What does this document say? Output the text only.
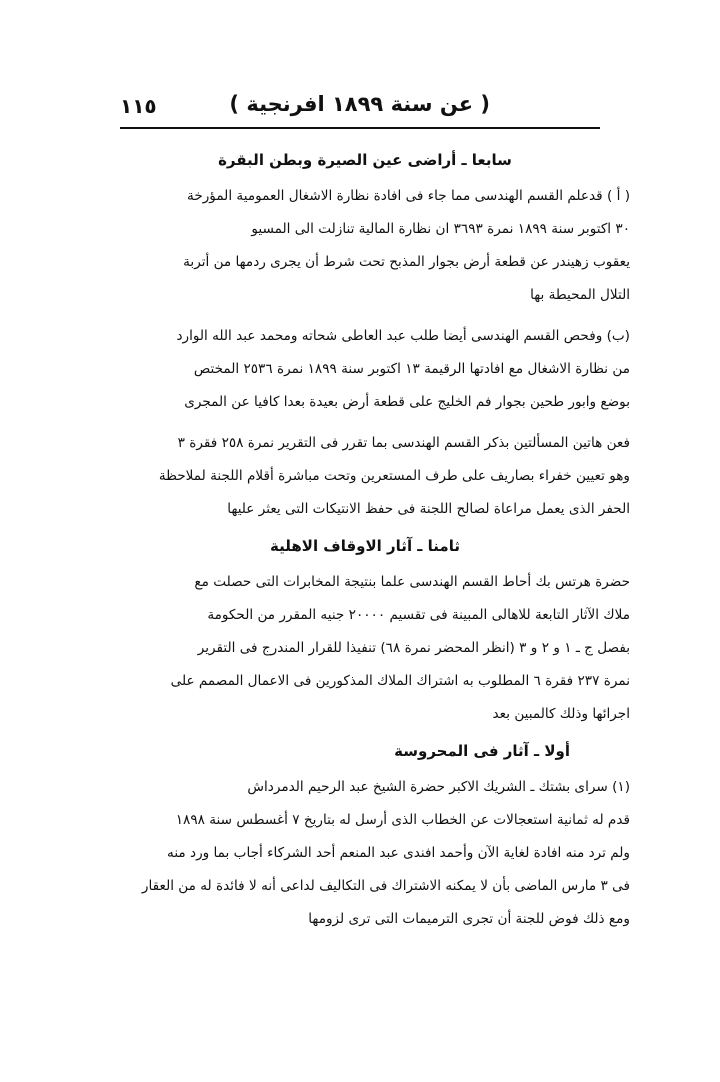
( عن سنة ١٨٩٩ افرنجية )
١١٥
سابعا ـ أراضى عين الصيرة وبطن البقرة
( أ ) قدعلم القسم الهندسى مما جاء فى افادة نظارة الاشغال العمومية المؤرخة
٣٠ اكتوبر سنة ١٨٩٩ نمرة ٣٦٩٣ ان نظارة المالية تنازلت الى المسيو
يعقوب زهيندر عن قطعة أرض بجوار المذبح تحت شرط أن يجرى ردمها من أتربة
التلال المحيطة بها
(ب) وفحص القسم الهندسى أيضا طلب عبد العاطى شحاته ومحمد عبد الله الوارد
من نظارة الاشغال مع افادتها الرقيمة ١٣ اكتوبر سنة ١٨٩٩ نمرة ٢٥٣٦ المختص
بوضع وابور طحين بجوار فم الخليج على قطعة أرض بعيدة بعدا كافيا عن المجرى
فعن هاتين المسألتين بذكر القسم الهندسى بما تقرر فى التقرير نمرة ٢٥٨ فقرة ٣
وهو تعيين خفراء بصاريف على طرف المستعرين وتحت مباشرة أقلام اللجنة لملاحظة
الحفر الذى يعمل مراعاة لصالح اللجنة فى حفظ الانتيكات التى يعثر عليها
ثامنا ـ آثار الاوقاف الاهلية
حضرة هرتس بك أحاط القسم الهندسى علما بنتيجة المخابرات التى حصلت مع
ملاك الآثار التابعة للاهالى المبينة فى تقسيم ٢٠٠٠٠ جنيه المقرر من الحكومة
بفصل ج ـ ١ و ٢ و ٣ (انظر المحضر نمرة ٦٨) تنفيذا للقرار المندرج فى التقرير
نمرة ٢٣٧ فقرة ٦ المطلوب به اشتراك الملاك المذكورين فى الاعمال المصمم على
اجرائها وذلك كالمبين بعد
أولا ـ آثار فى المحروسة
(١) سراى بشتك ـ الشريك الاكبر حضرة الشيخ عبد الرحيم الدمرداش
قدم له ثمانية استعجالات عن الخطاب الذى أرسل له بتاريخ ٧ أغسطس سنة ١٨٩٨
ولم ترد منه افادة لغاية الآن وأحمد افندى عبد المنعم أحد الشركاء أجاب بما ورد منه
فى ٣ مارس الماضى بأن لا يمكنه الاشتراك فى التكاليف لداعى أنه لا فائدة له من العقار
ومع ذلك فوض للجنة أن تجرى الترميمات التى ترى لزومها
